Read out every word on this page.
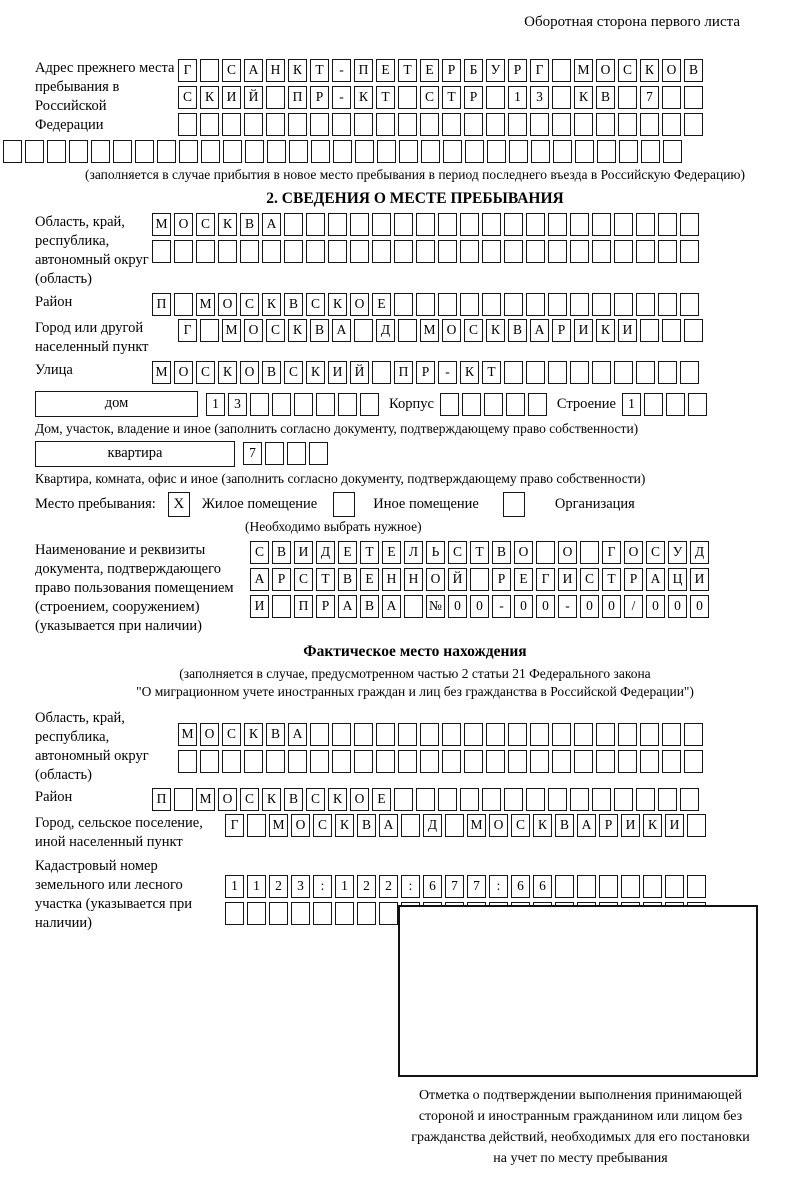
Оборотная сторона первого листа
Адрес прежнего места пребывания в Российской Федерации
Г	С А Н К Т	-	П Е	Т	Е	Р	Б У Р	Г	М О С К О В
С К И Й	П Р	-	К Т	С Т	Р	1	3	К В	7
(заполняется в случае прибытия в новое место пребывания в период последнего въезда в Российскую Федерацию)
2. СВЕДЕНИЯ О МЕСТЕ ПРЕБЫВАНИЯ
Область, край, республика, автономный округ (область)
М О С К В А
Район	П	М О С К В С К О Е
Город или другой населенный пункт
Г	М О С К В А	Д	М О С К В А Р И К И
Улица	М О С К О В С К И Й	П Р	-	К Т
дом	1	3	Корпус	Строение 1
Дом, участок, владение и иное (заполнить согласно документу, подтверждающему право собственности)
квартира	7
Квартира, комната, офис и иное (заполнить согласно документу, подтверждающему право собственности)
Место пребывания:	X	Жилое помещение	Иное помещение	Организация
(Необходимо выбрать нужное)
Наименование и реквизиты документа, подтверждающего право пользования помещением (строением, сооружением) (указывается при наличии)
С В И Д Е	Т	Е Л	Ь	С Т В О	О	Г О С У Д
А Р	С Т В Е Н Н О Й	Р	Е	Г И С Т	Р А Ц И
И	П Р А В А	№ 0	0	-	0	0	-	0	0	/	0	0	0
Фактическое место нахождения
(заполняется в случае, предусмотренном частью 2 статьи 21 Федерального закона
"О миграционном учете иностранных граждан и лиц без гражданства в Российской Федерации")
Область, край, республика, автономный округ (область)
М О С К В А
Район	П	М О С К В С К О Е
Город, сельское поселение, иной населенный пункт
Г	М О С К В А	Д	М О С К В А Р И К И
Кадастровый номер земельного или лесного участка (указывается при наличии)
1	1	2	3	:	1	2	2	:	6	7	7	:	6	6
Отметка о подтверждении выполнения принимающей
стороной и иностранным гражданином или лицом без
гражданства действий, необходимых для его постановки
на учет по месту пребывания
